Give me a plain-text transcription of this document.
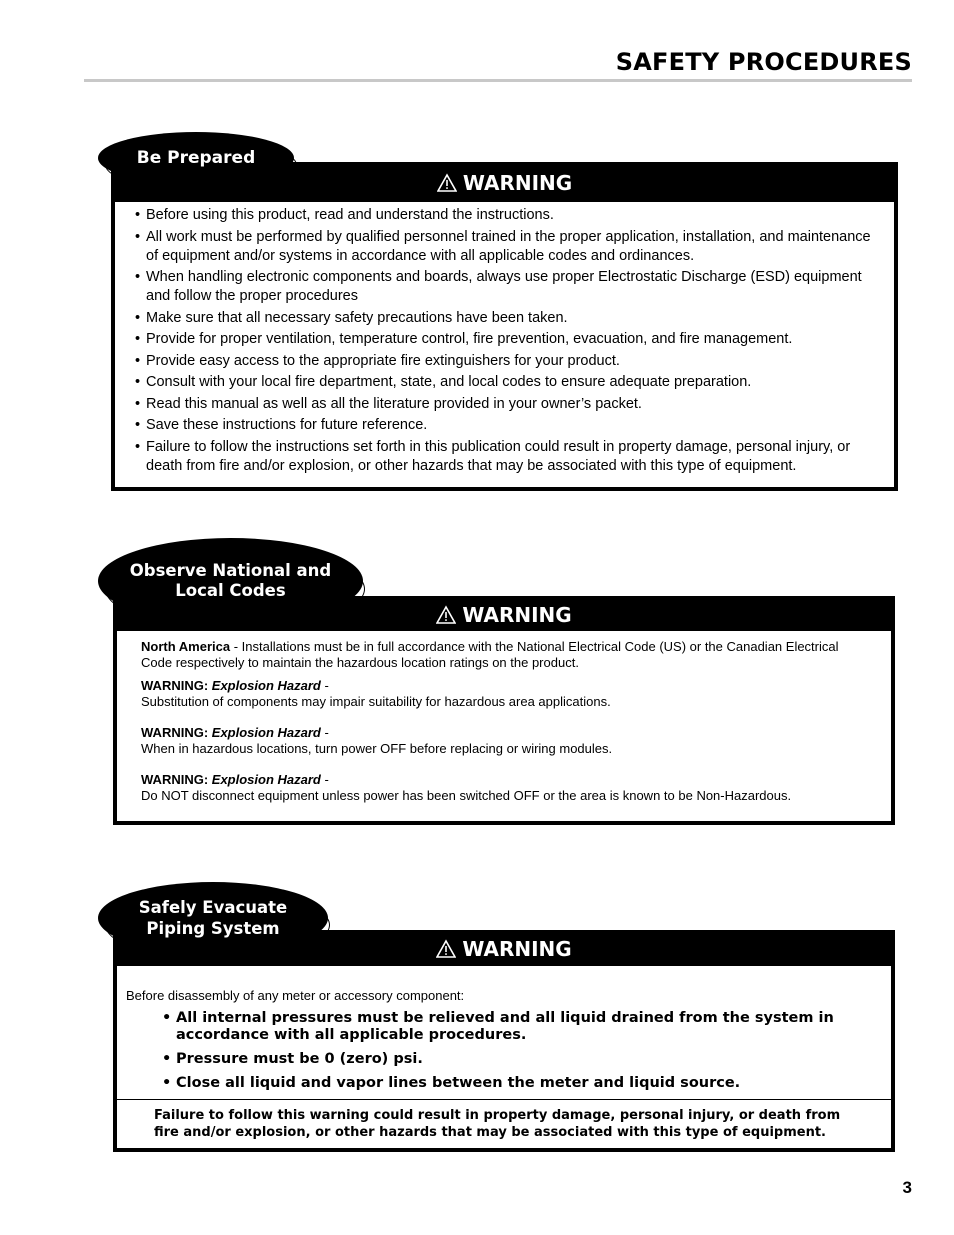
SAFETY PROCEDURES
WARNING
• Before using this product, read and understand the instructions.
• All work must be performed by qualified personnel trained in the proper application, installation, and maintenance of equipment and/or systems in accordance with all applicable codes and ordinances.
• When handling electronic components and boards, always use proper Electrostatic Discharge (ESD) equipment and follow the proper procedures
• Make sure that all necessary safety precautions have been taken.
• Provide for proper ventilation, temperature control, fire prevention, evacuation, and fire management.
• Provide easy access to the appropriate fire extinguishers for your product.
• Consult with your local fire department, state, and local codes to ensure adequate preparation.
• Read this manual as well as all the literature provided in your owner’s packet.
• Save these instructions for future reference.
• Failure to follow the instructions set forth in this publication could result in property damage, personal injury, or death from fire and/or explosion, or other hazards that may be associated with this type of equipment.
Be Prepared
WARNING
North America - Installations must be in full accordance with the National Electrical Code (US) or the Canadian Electrical Code respectively to maintain the hazardous location ratings on the product.
WARNING: Explosion Hazard -
Substitution of components may impair suitability for hazardous area applications.
WARNING: Explosion Hazard -
When in hazardous locations, turn power OFF before replacing or wiring modules.
WARNING: Explosion Hazard -
Do NOT disconnect equipment unless power has been switched OFF or the area is known to be Non-Hazardous.
Observe National and
Local Codes
WARNING
Before disassembly of any meter or accessory component:
• All internal pressures must be relieved and all liquid drained from the system in accordance with all applicable procedures.
• Pressure must be 0 (zero) psi.
• Close all liquid and vapor lines between the meter and liquid source.
Failure to follow this warning could result in property damage, personal injury, or death from fire and/or explosion, or other hazards that may be associated with this type of equipment.
Safely Evacuate
Piping System
3
